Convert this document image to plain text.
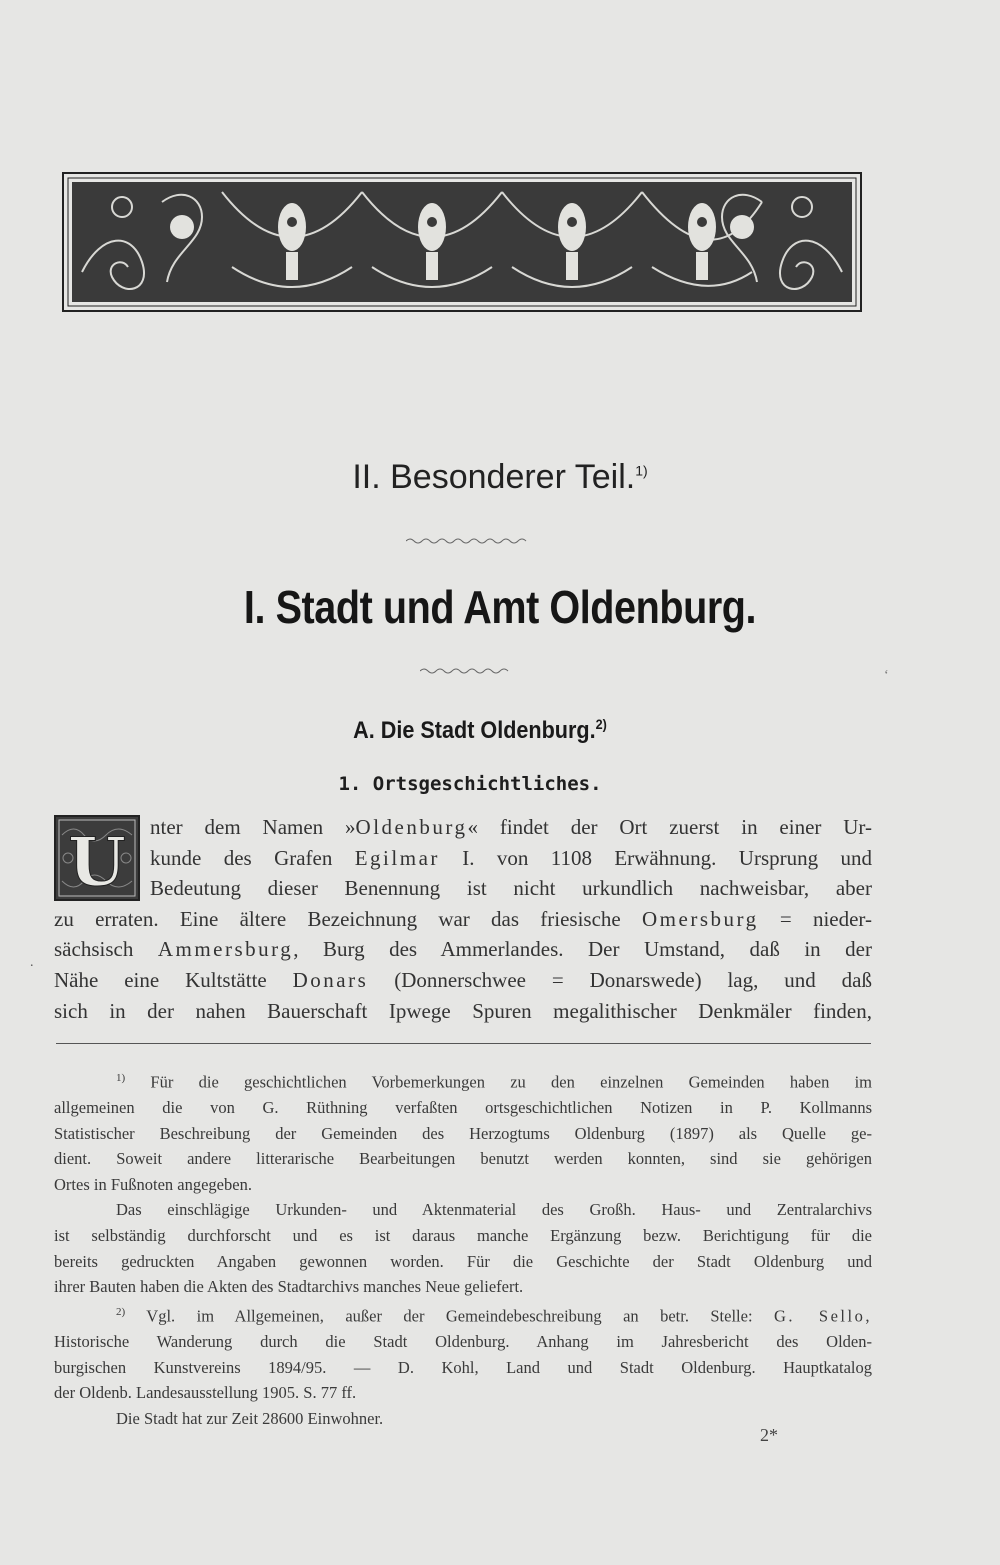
II. Besonderer Teil.$^{1)}$
I. Stadt und Amt Oldenburg.
A. Die Stadt Oldenburg.$^{2)}$
1. Ortsgeschichtliches.
U	nter dem Namen »Oldenburg« findet der Ort zuerst in einer Ur-
kunde des Grafen Egilmar I. von 1108 Erwähnung. Ursprung und
Bedeutung dieser Benennung ist nicht urkundlich nachweisbar, aber
zu erraten. Eine ältere Bezeichnung war das friesische Omersburg = nieder-
sächsisch Ammersburg, Burg des Ammerlandes. Der Umstand, daß in der
Nähe eine Kultstätte Donars (Donnerschwee = Donarswede) lag, und daß
sich in der nahen Bauerschaft Ipwege Spuren megalithischer Denkmäler finden,
$^{1)}$ Für die geschichtlichen Vorbemerkungen zu den einzelnen Gemeinden haben im
allgemeinen die von G. Rüthning verfaßten ortsgeschichtlichen Notizen in P. Kollmanns
Statistischer Beschreibung der Gemeinden des Herzogtums Oldenburg (1897) als Quelle ge-
dient. Soweit andere litterarische Bearbeitungen benutzt werden konnten, sind sie gehörigen
Ortes in Fußnoten angegeben.
Das einschlägige Urkunden- und Aktenmaterial des Großh. Haus- und Zentralarchivs
ist selbständig durchforscht und es ist daraus manche Ergänzung bezw. Berichtigung für die
bereits gedruckten Angaben gewonnen worden. Für die Geschichte der Stadt Oldenburg und
ihrer Bauten haben die Akten des Stadtarchivs manches Neue geliefert.
$^{2)}$ Vgl. im Allgemeinen, außer der Gemeindebeschreibung an betr. Stelle: G. Sello,
Historische Wanderung durch die Stadt Oldenburg. Anhang im Jahresbericht des Olden-
burgischen Kunstvereins 1894/95. — D. Kohl, Land und Stadt Oldenburg. Hauptkatalog
der Oldenb. Landesausstellung 1905. S. 77 ff.
Die Stadt hat zur Zeit 28600 Einwohner.
2*
.
‘
